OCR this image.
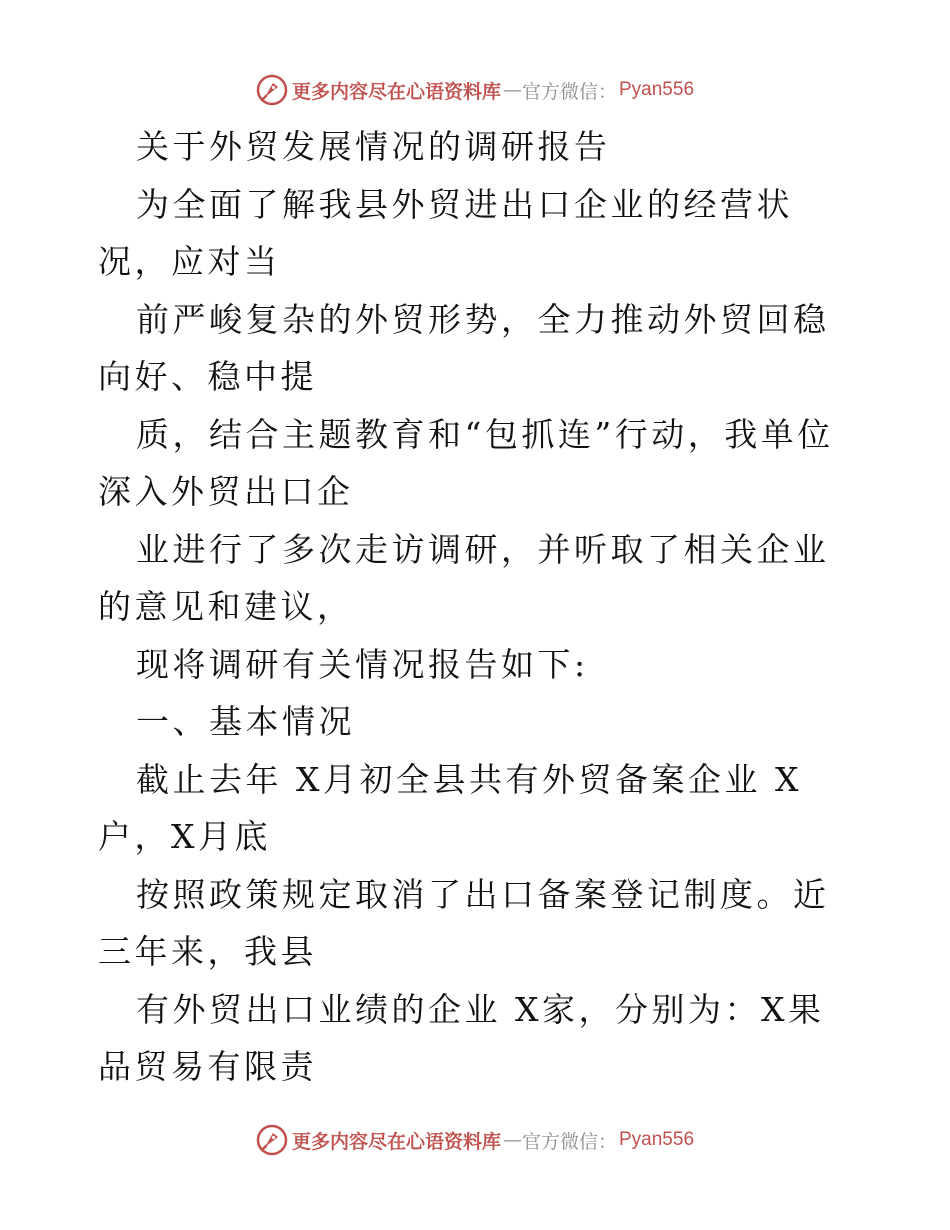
更多内容尽在心语资料库 — 官方微信： Pyan556

关于外贸发展情况的调研报告

为全面了解我县外贸进出口企业的经营状况，应对当

前严峻复杂的外贸形势，全力推动外贸回稳向好、稳中提

质，结合主题教育和“包抓连”行动，我单位深入外贸出口企

业进行了多次走访调研，并听取了相关企业的意见和建议，

现将调研有关情况报告如下:

一、基本情况

截止去年 X月初全县共有外贸备案企业 X户，X月底

按照政策规定取消了出口备案登记制度。近三年来，我县

有外贸出口业绩的企业 X家，分别为：X果品贸易有限责

更多内容尽在心语资料库 — 官方微信： Pyan556
